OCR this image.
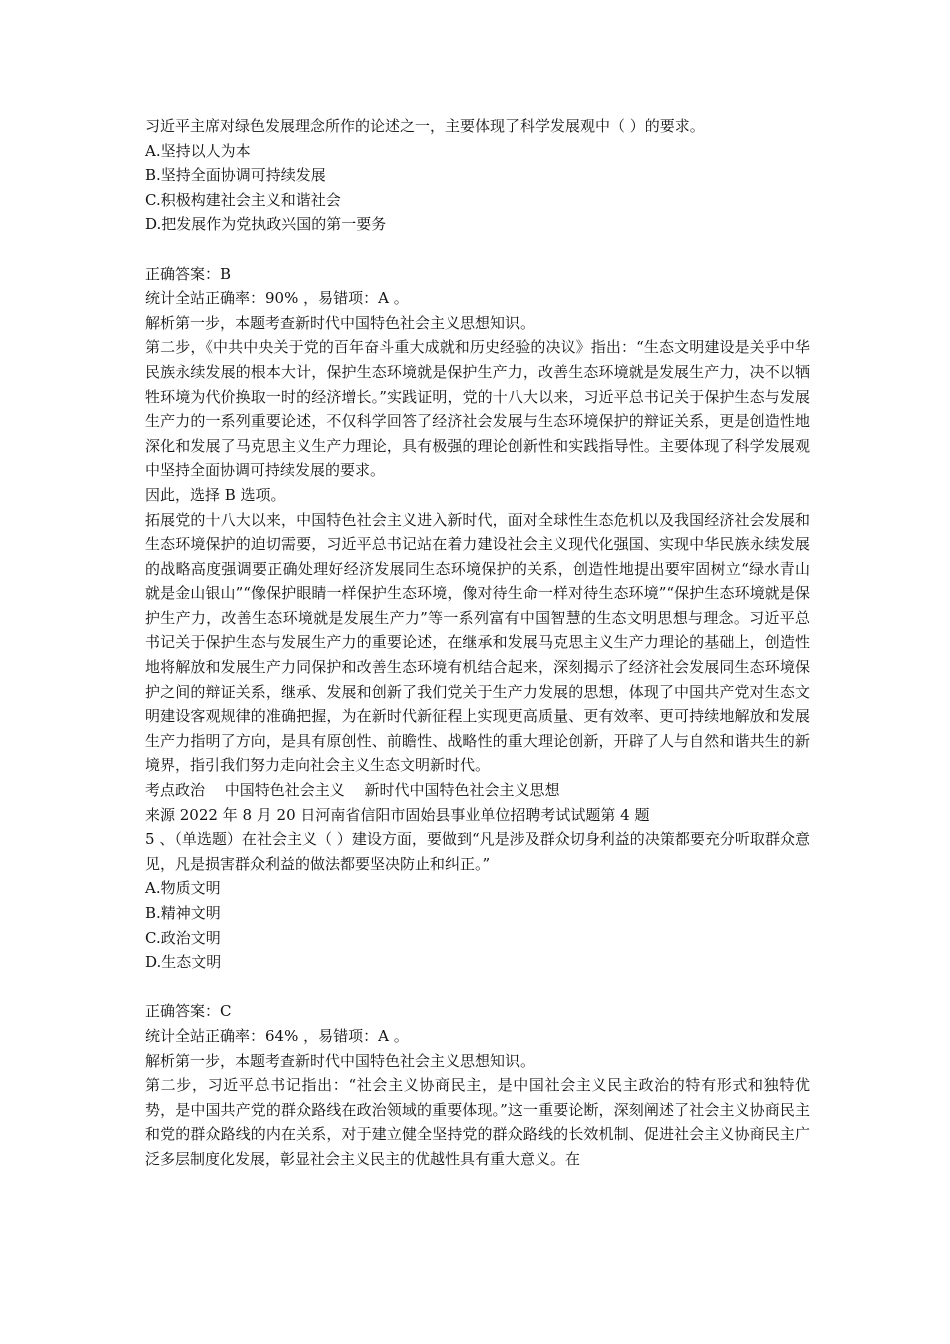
习近平主席对绿色发展理念所作的论述之一，主要体现了科学发展观中（ ）的要求。
A.坚持以人为本
B.坚持全面协调可持续发展
C.积极构建社会主义和谐社会
D.把发展作为党执政兴国的第一要务
正确答案：B
统计全站正确率：90% ，易错项：A 。
解析第一步，本题考查新时代中国特色社会主义思想知识。
第二步，《中共中央关于党的百年奋斗重大成就和历史经验的决议》指出：“生态文明建设是关乎中华民族永续发展的根本大计，保护生态环境就是保护生产力，改善生态环境就是发展生产力，决不以牺牲环境为代价换取一时的经济增长。”实践证明，党的十八大以来，习近平总书记关于保护生态与发展生产力的一系列重要论述，不仅科学回答了经济社会发展与生态环境保护的辩证关系，更是创造性地深化和发展了马克思主义生产力理论，具有极强的理论创新性和实践指导性。主要体现了科学发展观中坚持全面协调可持续发展的要求。
因此，选择 B 选项。
拓展党的十八大以来，中国特色社会主义进入新时代，面对全球性生态危机以及我国经济社会发展和生态环境保护的迫切需要，习近平总书记站在着力建设社会主义现代化强国、实现中华民族永续发展的战略高度强调要正确处理好经济发展同生态环境保护的关系，创造性地提出要牢固树立“绿水青山就是金山银山”“像保护眼睛一样保护生态环境，像对待生命一样对待生态环境”“保护生态环境就是保护生产力，改善生态环境就是发展生产力”等一系列富有中国智慧的生态文明思想与理念。习近平总书记关于保护生态与发展生产力的重要论述，在继承和发展马克思主义生产力理论的基础上，创造性地将解放和发展生产力同保护和改善生态环境有机结合起来，深刻揭示了经济社会发展同生态环境保护之间的辩证关系，继承、发展和创新了我们党关于生产力发展的思想，体现了中国共产党对生态文明建设客观规律的准确把握，为在新时代新征程上实现更高质量、更有效率、更可持续地解放和发展生产力指明了方向，是具有原创性、前瞻性、战略性的重大理论创新，开辟了人与自然和谐共生的新境界，指引我们努力走向社会主义生态文明新时代。
考点政治　 中国特色社会主义　 新时代中国特色社会主义思想
来源 2022 年 8 月 20 日河南省信阳市固始县事业单位招聘考试试题第 4 题
5 、（单选题）在社会主义（ ）建设方面，要做到“凡是涉及群众切身利益的决策都要充分听取群众意见，凡是损害群众利益的做法都要坚决防止和纠正。”
A.物质文明
B.精神文明
C.政治文明
D.生态文明
正确答案：C
统计全站正确率：64% ，易错项：A 。
解析第一步，本题考查新时代中国特色社会主义思想知识。
第二步，习近平总书记指出：“社会主义协商民主，是中国社会主义民主政治的特有形式和独特优势，是中国共产党的群众路线在政治领域的重要体现。”这一重要论断，深刻阐述了社会主义协商民主和党的群众路线的内在关系，对于建立健全坚持党的群众路线的长效机制、促进社会主义协商民主广泛多层制度化发展，彰显社会主义民主的优越性具有重大意义。在
